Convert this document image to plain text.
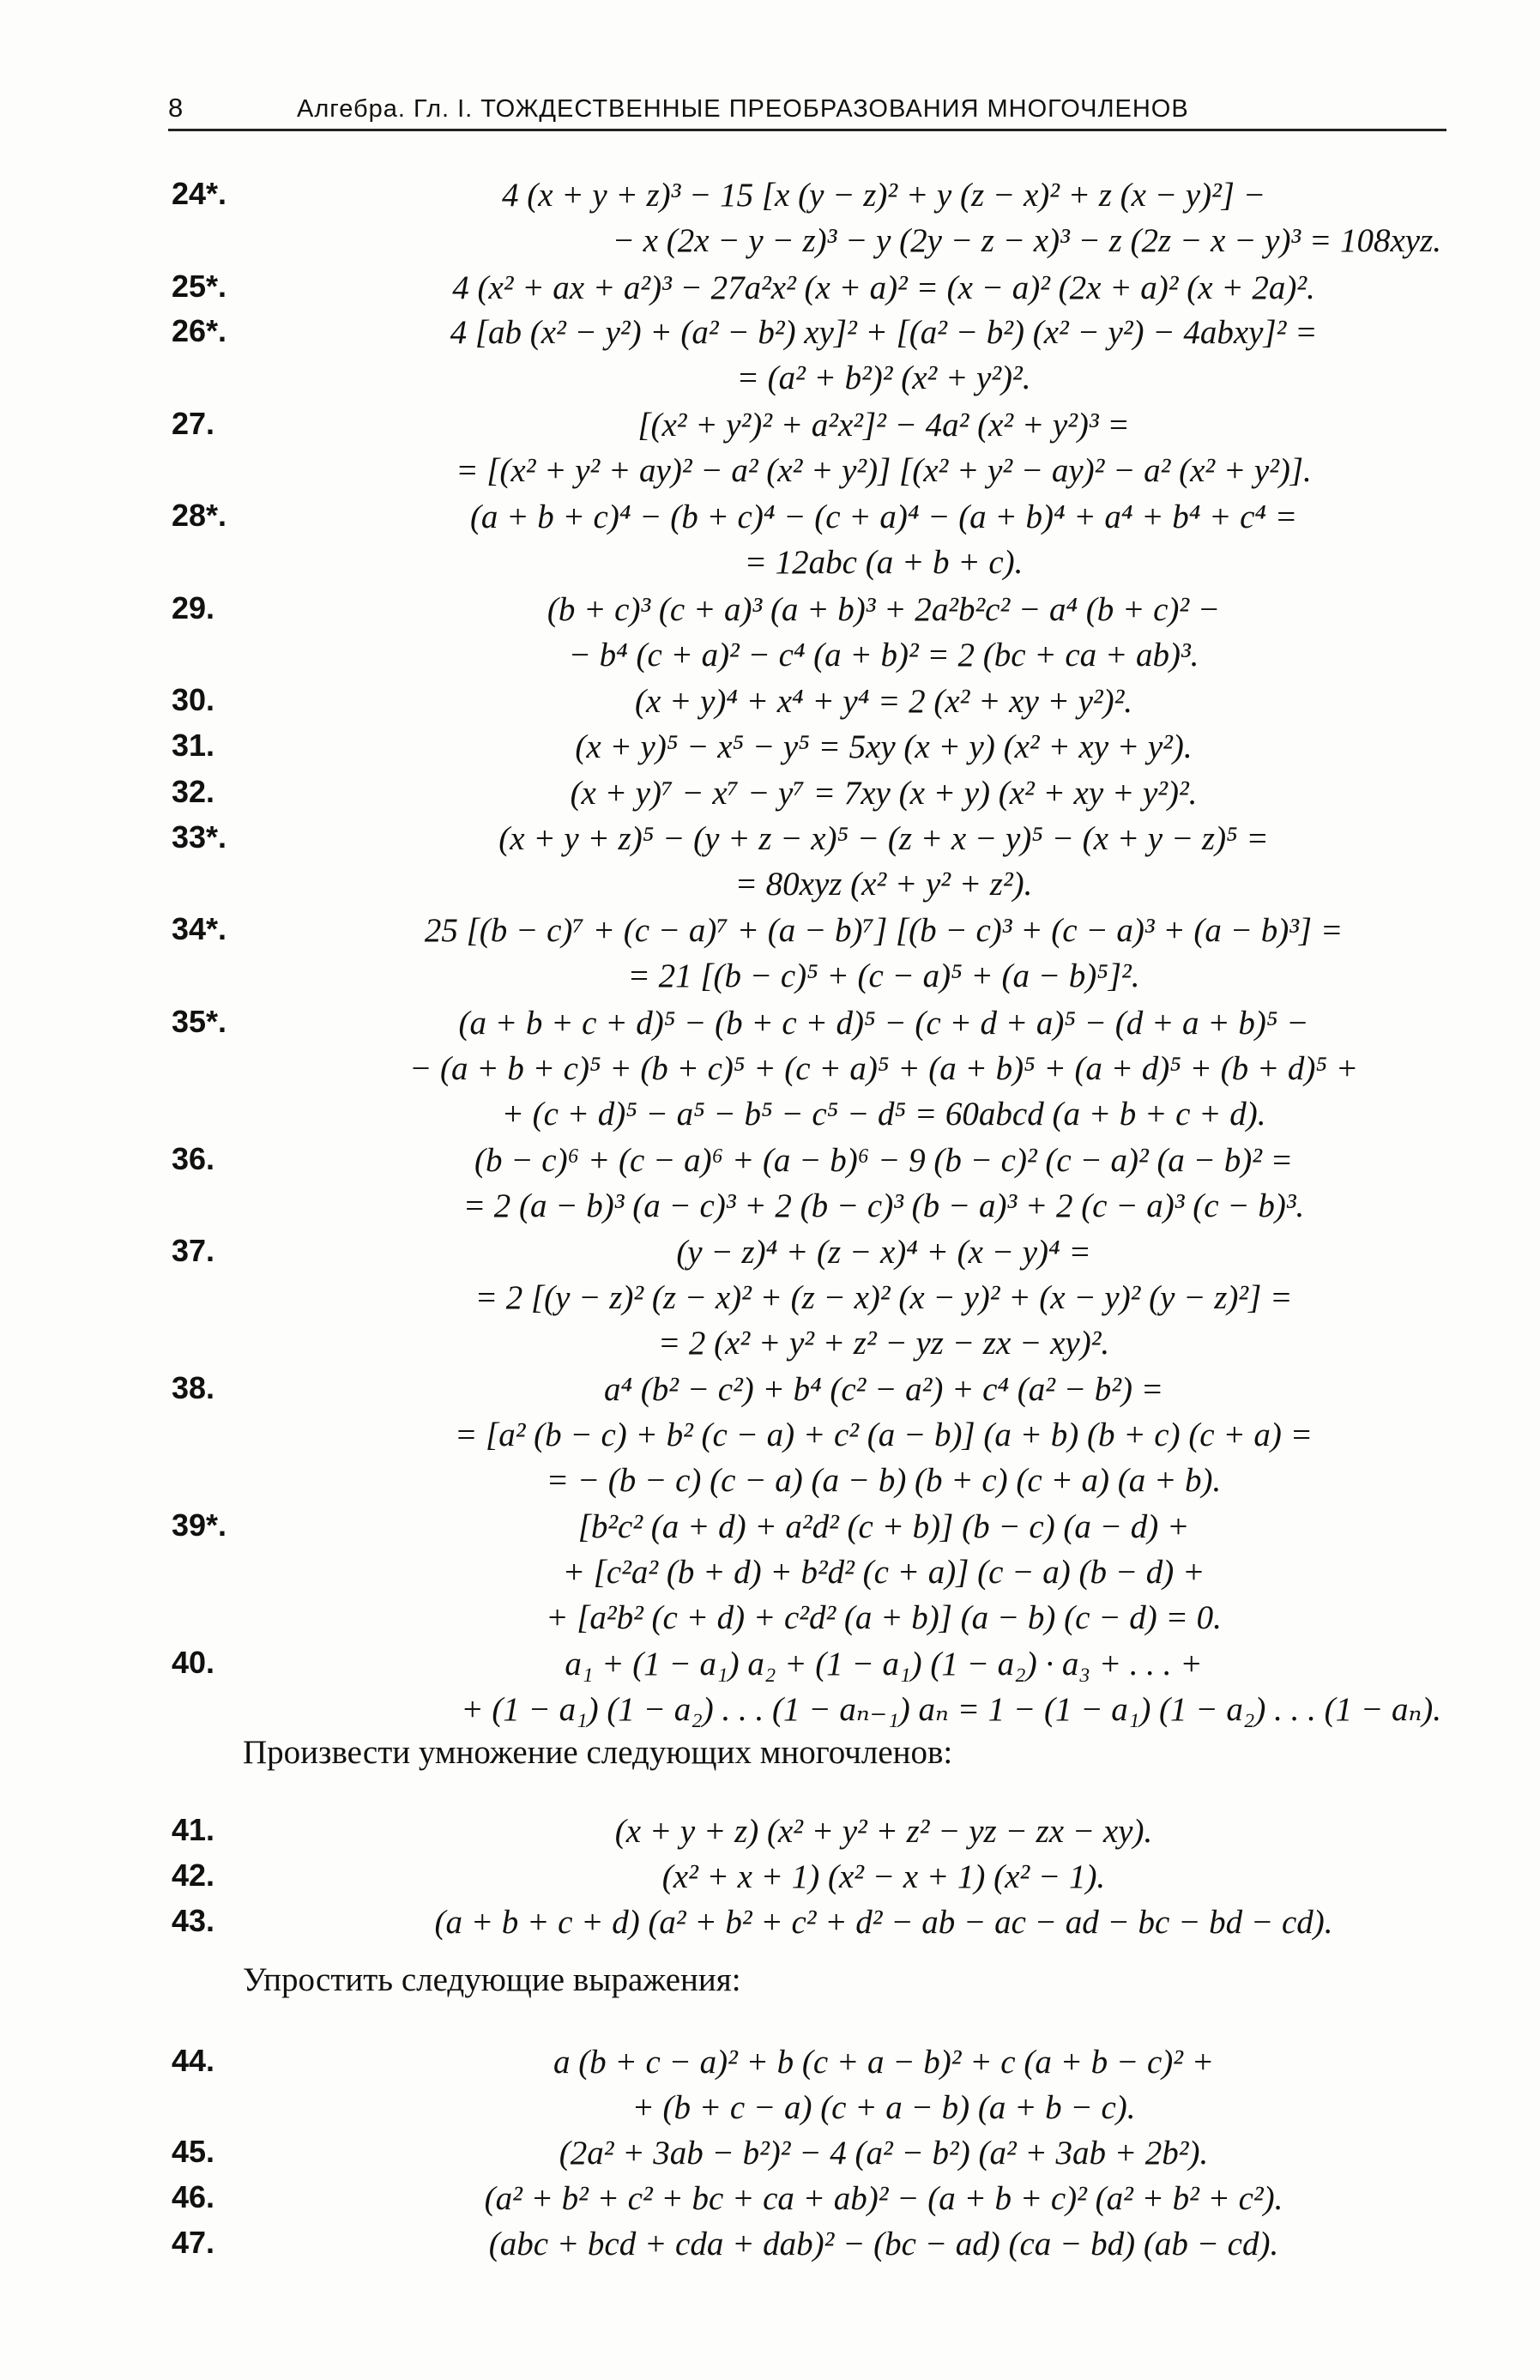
8	Алгебра. Гл. I. ТОЖДЕСТВЕННЫЕ ПРЕОБРАЗОВАНИЯ МНОГОЧЛЕНОВ
24*.	4 (x + y + z)³ − 15 [x (y − z)² + y (z − x)² + z (x − y)²] −
− x (2x − y − z)³ − y (2y − z − x)³ − z (2z − x − y)³ = 108xyz.
25*.	4 (x² + ax + a²)³ − 27a²x² (x + a)² = (x − a)² (2x + a)² (x + 2a)².
26*.	4 [ab (x² − y²) + (a² − b²) xy]² + [(a² − b²) (x² − y²) − 4abxy]² =
= (a² + b²)² (x² + y²)².
27.	[(x² + y²)² + a²x²]² − 4a² (x² + y²)³ =
= [(x² + y² + ay)² − a² (x² + y²)] [(x² + y² − ay)² − a² (x² + y²)].
28*.	(a + b + c)⁴ − (b + c)⁴ − (c + a)⁴ − (a + b)⁴ + a⁴ + b⁴ + c⁴ =
= 12abc (a + b + c).
29.	(b + c)³ (c + a)³ (a + b)³ + 2a²b²c² − a⁴ (b + c)² −
− b⁴ (c + a)² − c⁴ (a + b)² = 2 (bc + ca + ab)³.
30.	(x + y)⁴ + x⁴ + y⁴ = 2 (x² + xy + y²)².
31.	(x + y)⁵ − x⁵ − y⁵ = 5xy (x + y) (x² + xy + y²).
32.	(x + y)⁷ − x⁷ − y⁷ = 7xy (x + y) (x² + xy + y²)².
33*.	(x + y + z)⁵ − (y + z − x)⁵ − (z + x − y)⁵ − (x + y − z)⁵ =
= 80xyz (x² + y² + z²).
34*.	25 [(b − c)⁷ + (c − a)⁷ + (a − b)⁷] [(b − c)³ + (c − a)³ + (a − b)³] =
= 21 [(b − c)⁵ + (c − a)⁵ + (a − b)⁵]².
35*.	(a + b + c + d)⁵ − (b + c + d)⁵ − (c + d + a)⁵ − (d + a + b)⁵ −
− (a + b + c)⁵ + (b + c)⁵ + (c + a)⁵ + (a + b)⁵ + (a + d)⁵ + (b + d)⁵ +
+ (c + d)⁵ − a⁵ − b⁵ − c⁵ − d⁵ = 60abcd (a + b + c + d).
36.	(b − c)⁶ + (c − a)⁶ + (a − b)⁶ − 9 (b − c)² (c − a)² (a − b)² =
= 2 (a − b)³ (a − c)³ + 2 (b − c)³ (b − a)³ + 2 (c − a)³ (c − b)³.
37.	(y − z)⁴ + (z − x)⁴ + (x − y)⁴ =
= 2 [(y − z)² (z − x)² + (z − x)² (x − y)² + (x − y)² (y − z)²] =
= 2 (x² + y² + z² − yz − zx − xy)².
38.	a⁴ (b² − c²) + b⁴ (c² − a²) + c⁴ (a² − b²) =
= [a² (b − c) + b² (c − a) + c² (a − b)] (a + b) (b + c) (c + a) =
= − (b − c) (c − a) (a − b) (b + c) (c + a) (a + b).
39*.	[b²c² (a + d) + a²d² (c + b)] (b − c) (a − d) +
+ [c²a² (b + d) + b²d² (c + a)] (c − a) (b − d) +
+ [a²b² (c + d) + c²d² (a + b)] (a − b) (c − d) = 0.
40.	a₁ + (1 − a₁) a₂ + (1 − a₁) (1 − a₂) · a₃ + . . . +
+ (1 − a₁) (1 − a₂) . . . (1 − aₙ₋₁) aₙ = 1 − (1 − a₁) (1 − a₂) . . . (1 − aₙ).
41.	(x + y + z) (x² + y² + z² − yz − zx − xy).
42.	(x² + x + 1) (x² − x + 1) (x² − 1).
43.	(a + b + c + d) (a² + b² + c² + d² − ab − ac − ad − bc − bd − cd).
44.	a (b + c − a)² + b (c + a − b)² + c (a + b − c)² +
+ (b + c − a) (c + a − b) (a + b − c).
45.	(2a² + 3ab − b²)² − 4 (a² − b²) (a² + 3ab + 2b²).
46.	(a² + b² + c² + bc + ca + ab)² − (a + b + c)² (a² + b² + c²).
47.	(abc + bcd + cda + dab)² − (bc − ad) (ca − bd) (ab − cd).
Произвести умножение следующих многочленов:
Упростить следующие выражения:
